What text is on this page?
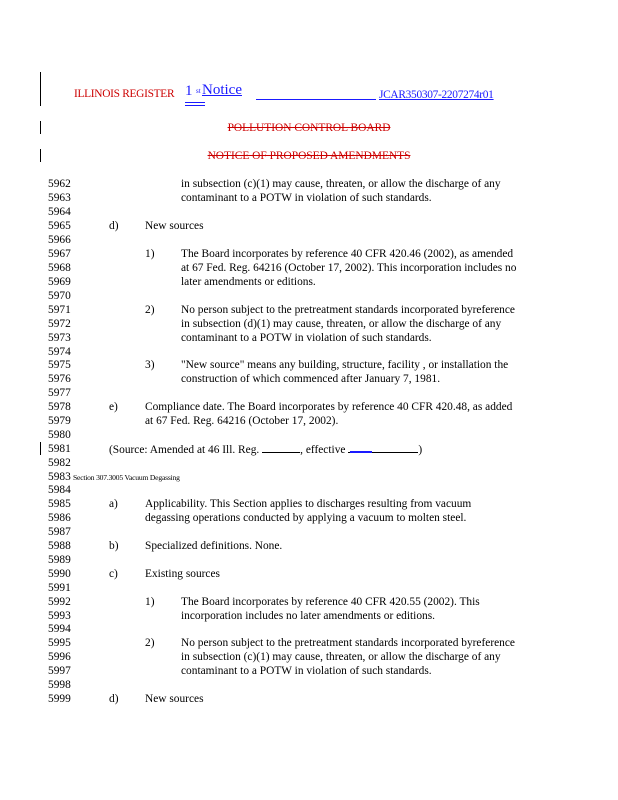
ILLINOIS REGISTER 1 st Notice	JCAR350307-2207274r01
POLLUTION CONTROL BOARD
NOTICE OF PROPOSED AMENDMENTS
5962
5963
5964
5965
5966
5967
5968
5969
5970
5971
5972
5973
5974
5975
5976
5977
5978
5979
5980
5981
5982
5983
5984
5985
5986
5987
5988
5989
5990
5991
5992
5993
5994
5995
5996
5997
5998
5999
in subsection (c)(1) may cause, threaten, or allow the discharge of any
contaminant to a POTW in violation of such standards.
d) New sources
1) The Board incorporates by reference 40 CFR 420.46 (2002), as amended
at 67 Fed. Reg. 64216 (October 17, 2002). This incorporation includes no
later amendments or editions.
2) No person subject to the pretreatment standards incorporated byreference
in subsection (d)(1) may cause, threaten, or allow the discharge of any
contaminant to a POTW in violation of such standards.
3) "New source" means any building, structure, facility , or installation the
construction of which commenced after January 7, 1981.
e) Compliance date. The Board incorporates by reference 40 CFR 420.48, as added
at 67 Fed. Reg. 64216 (October 17, 2002).
(Source: Amended at 46 Ill. Reg.	, effective	)
Section 307.3005 Vacuum Degassing
a) Applicability. This Section applies to discharges resulting from vacuum
degassing operations conducted by applying a vacuum to molten steel.
b) Specialized definitions. None.
c) Existing sources
1) The Board incorporates by reference 40 CFR 420.55 (2002). This
incorporation includes no later amendments or editions.
2) No person subject to the pretreatment standards incorporated byreference
in subsection (c)(1) may cause, threaten, or allow the discharge of any
contaminant to a POTW in violation of such standards.
d) New sources
